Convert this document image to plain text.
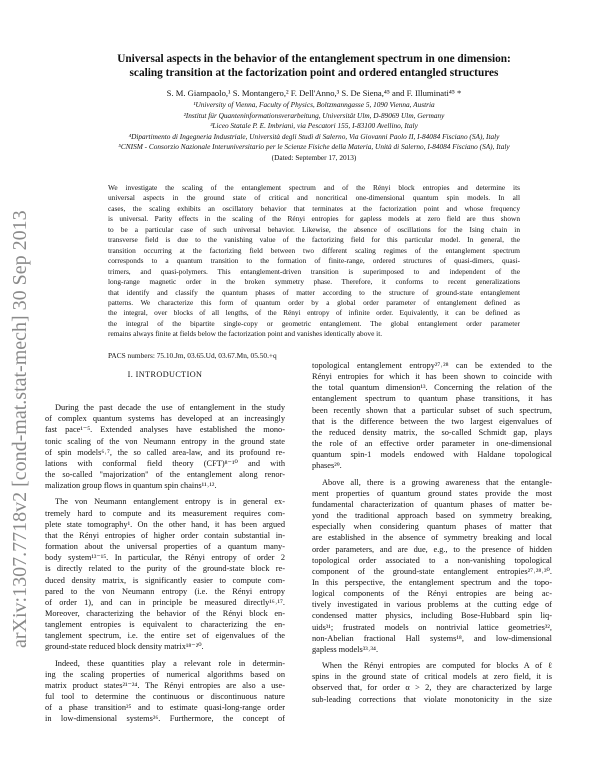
arXiv:1307.7718v2 [cond-mat.stat-mech] 30 Sep 2013
Universal aspects in the behavior of the entanglement spectrum in one dimension:
scaling transition at the factorization point and ordered entangled structures
S. M. Giampaolo,¹ S. Montangero,² F. Dell'Anno,³ S. De Siena,⁴⁵ and F. Illuminati⁴⁵ *
¹University of Vienna, Faculty of Physics, Boltzmanngasse 5, 1090 Vienna, Austria
²Institut für Quanteninformationsverarbeitung, Universität Ulm, D-89069 Ulm, Germany
³Liceo Statale P. E. Imbriani, via Pescatori 155, I-83100 Avellino, Italy
⁴Dipartimento di Ingegneria Industriale, Università degli Studi di Salerno, Via Giovanni Paolo II, I-84084 Fisciano (SA), Italy
⁵CNISM - Consorzio Nazionale Interuniversitario per le Scienze Fisiche della Materia, Unità di Salerno, I-84084 Fisciano (SA), Italy
(Dated: September 17, 2013)
We investigate the scaling of the entanglement spectrum and of the Rényi block entropies and determine its
universal aspects in the ground state of critical and noncritical one-dimensional quantum spin models. In all
cases, the scaling exhibits an oscillatory behavior that terminates at the factorization point and whose frequency
is universal. Parity effects in the scaling of the Rényi entropies for gapless models at zero field are thus shown
to be a particular case of such universal behavior. Likewise, the absence of oscillations for the Ising chain in
transverse field is due to the vanishing value of the factorizing field for this particular model. In general, the
transition occurring at the factorizing field between two different scaling regimes of the entanglement spectrum
corresponds to a quantum transition to the formation of finite-range, ordered structures of quasi-dimers, quasi-
trimers, and quasi-polymers. This entanglement-driven transition is superimposed to and independent of the
long-range magnetic order in the broken symmetry phase. Therefore, it conforms to recent generalizations
that identify and classify the quantum phases of matter according to the structure of ground-state entanglement
patterns. We characterize this form of quantum order by a global order parameter of entanglement defined as
the integral, over blocks of all lengths, of the Rényi entropy of infinite order. Equivalently, it can be defined as
the integral of the bipartite single-copy or geometric entanglement. The global entanglement order parameter
remains always finite at fields below the factorization point and vanishes identically above it.
PACS numbers: 75.10.Jm, 03.65.Ud, 03.67.Mn, 05.50.+q
I. INTRODUCTION
During the past decade the use of entanglement in the study
of complex quantum systems has developed at an increasingly
fast pace¹⁻⁵. Extended analyses have established the mono-
tonic scaling of the von Neumann entropy in the ground state
of spin models⁶˒⁷, the so called area-law, and its profound re-
lations with conformal field theory (CFT)⁸⁻¹⁰ and with
the so-called "majorization" of the entanglement along renor-
malization group flows in quantum spin chains¹¹˒¹².
The von Neumann entanglement entropy is in general ex-
tremely hard to compute and its measurement requires com-
plete state tomography¹. On the other hand, it has been argued
that the Rényi entropies of higher order contain substantial in-
formation about the universal properties of a quantum many-
body system¹³⁻¹⁵. In particular, the Rényi entropy of order 2
is directly related to the purity of the ground-state block re-
duced density matrix, is significantly easier to compute com-
pared to the von Neumann entropy (i.e. the Rényi entropy
of order 1), and can in principle be measured directly¹⁶˒¹⁷.
Moreover, characterizing the behavior of the Rényi block en-
tanglement entropies is equivalent to characterizing the en-
tanglement spectrum, i.e. the entire set of eigenvalues of the
ground-state reduced block density matrix¹⁸⁻²⁰.
Indeed, these quantities play a relevant role in determin-
ing the scaling properties of numerical algorithms based on
matrix product states²¹⁻²⁴. The Rényi entropies are also a use-
ful tool to determine the continuous or discontinuous nature
of a phase transition²⁵ and to estimate quasi-long-range order
in low-dimensional systems²⁶. Furthermore, the concept of
topological entanglement entropy²⁷˒²⁸ can be extended to the
Rényi entropies for which it has been shown to coincide with
the total quantum dimension¹³. Concerning the relation of the
entanglement spectrum to quantum phase transitions, it has
been recently shown that a particular subset of such spectrum,
that is the difference between the two largest eigenvalues of
the reduced density matrix, the so-called Schmidt gap, plays
the role of an effective order parameter in one-dimensional
quantum spin-1 models endowed with Haldane topological
phases²⁹.
Above all, there is a growing awareness that the entangle-
ment properties of quantum ground states provide the most
fundamental characterization of quantum phases of matter be-
yond the traditional approach based on symmetry breaking,
especially when considering quantum phases of matter that
are established in the absence of symmetry breaking and local
order parameters, and are due, e.g., to the presence of hidden
topological order associated to a non-vanishing topological
component of the ground-state entanglement entropies²⁷˒²⁸˒³⁰.
In this perspective, the entanglement spectrum and the topo-
logical components of the Rényi entropies are being ac-
tively investigated in various problems at the cutting edge of
condensed matter physics, including Bose-Hubbard spin liq-
uids³¹; frustrated models on nontrivial lattice geometries³²,
non-Abelian fractional Hall systems¹⁸, and low-dimensional
gapless models³³˒³⁴.
When the Rényi entropies are computed for blocks A of ℓ
spins in the ground state of critical models at zero field, it is
observed that, for order α > 2, they are characterized by large
sub-leading corrections that violate monotonicity in the size
